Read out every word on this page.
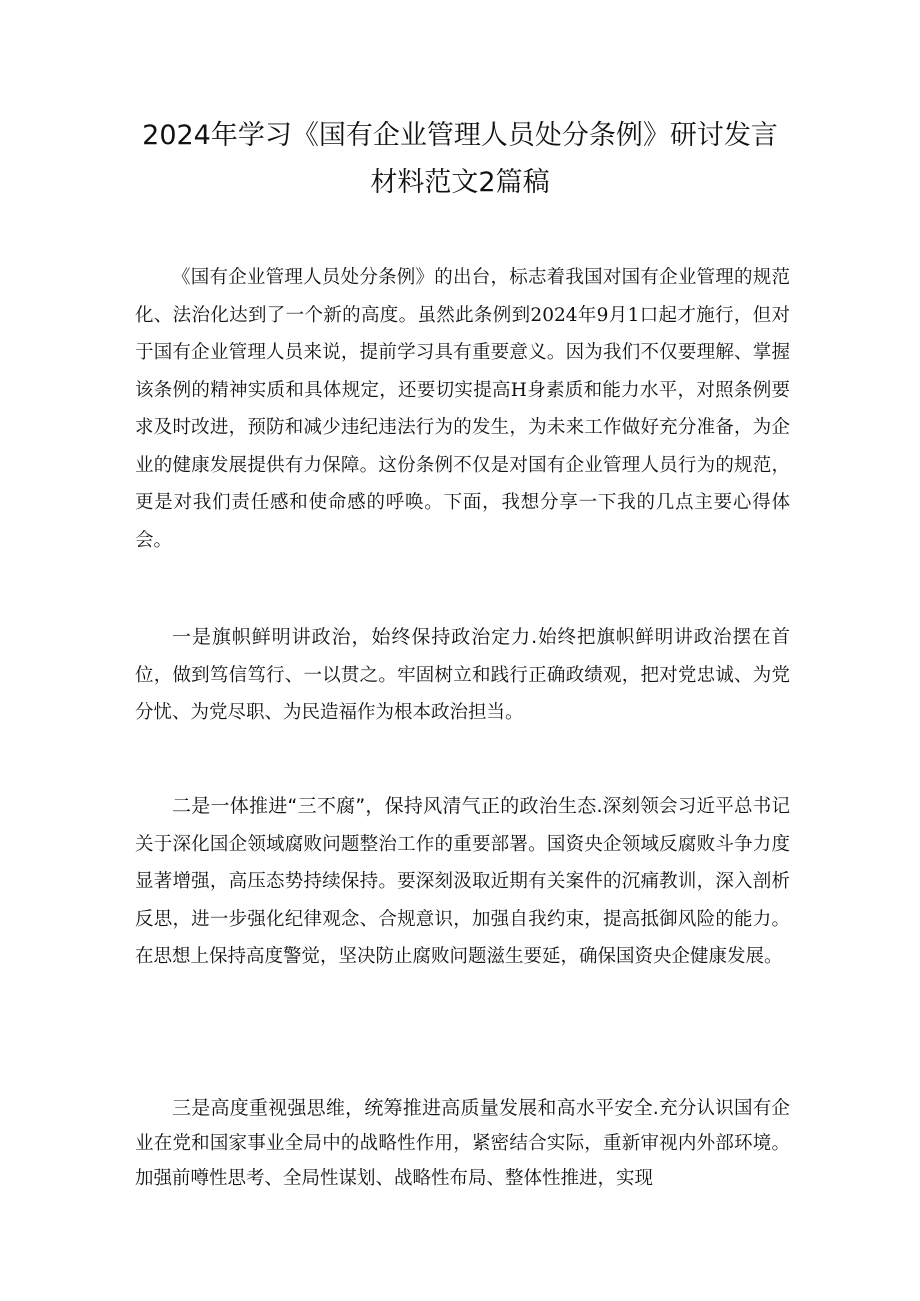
2024年学习《国有企业管理人员处分条例》研讨发言
材料范文2篇稿

《国有企业管理人员处分条例》的出台，标志着我国对国有企业管理的规范化、法治化达到了一个新的高度。虽然此条例到2024年9月1口起才施行，但对于国有企业管理人员来说，提前学习具有重要意义。因为我们不仅要理解、掌握该条例的精神实质和具体规定，还要切实提高H身素质和能力水平，对照条例要求及时改进，预防和减少违纪违法行为的发生，为未来工作做好充分准备，为企业的健康发展提供有力保障。这份条例不仅是对国有企业管理人员行为的规范，更是对我们责任感和使命感的呼唤。下面，我想分享一下我的几点主要心得体会。

一是旗帜鲜明讲政治，始终保持政治定力.始终把旗帜鲜明讲政治摆在首位，做到笃信笃行、一以贯之。牢固树立和践行正确政绩观，把对党忠诚、为党分忧、为党尽职、为民造福作为根本政治担当。

二是一体推进“三不腐”，保持风清气正的政治生态.深刻领会习近平总书记关于深化国企领域腐败问题整治工作的重要部署。国资央企领域反腐败斗争力度显著增强，高压态势持续保持。要深刻汲取近期有关案件的沉痛教训，深入剖析反思，进一步强化纪律观念、合规意识，加强自我约束，提高抵御风险的能力。在思想上保持高度警觉，坚决防止腐败问题滋生要延，确保国资央企健康发展。

三是高度重视强思维，统筹推进高质量发展和高水平安全.充分认识国有企业在党和国家事业全局中的战略性作用，紧密结合实际，重新审视内外部环境。加强前噂性思考、全局性谋划、战略性布局、整体性推进，实现
